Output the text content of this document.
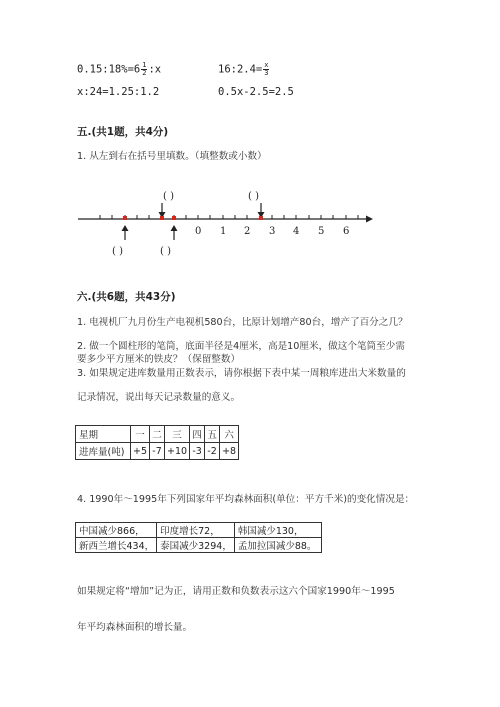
0.15:18%=6 $\frac{1}{2}$ :x	16:2.4= $\frac{x}{3}$
x:24=1.25:1.2	0.5x-2.5=2.5
五.(共1题，共4分)
1. 从左到右在括号里填数。（填整数或小数）
( )	( )
0 1 2 3 4 5 6
( )	( )
六.(共6题，共43分)
1. 电视机厂九月份生产电视机580台，比原计划增产80台，增产了百分之几？
2. 做一个圆柱形的笔筒，底面半径是4厘米，高是10厘米，做这个笔筒至少需
要多少平方厘米的铁皮？（保留整数）
3. 如果规定进库数量用正数表示，请你根据下表中某一周粮库进出大米数量的
记录情况，说出每天记录数量的意义。
星期	一	二	三	四	五	六
进库量(吨)	+5	-7	+10	-3	-2	+8
4. 1990年～1995年下列国家年平均森林面积(单位：平方千米)的变化情况是：
中国减少866，	印度增长72，	韩国减少130，
新西兰增长434，	泰国减少3294，	孟加拉国减少88。
如果规定将“增加”记为正，请用正数和负数表示这六个国家1990年～1995
年平均森林面积的增长量。
